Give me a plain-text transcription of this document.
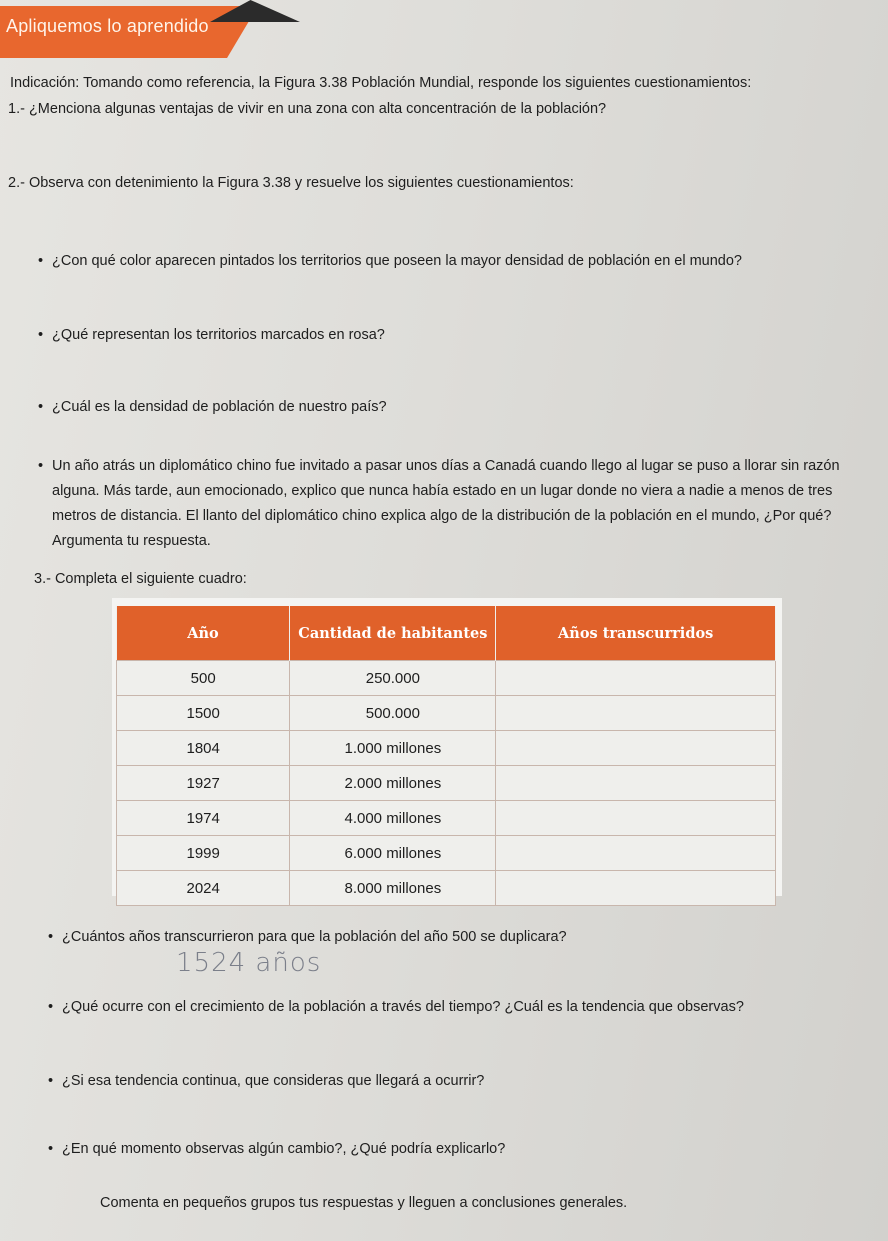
Apliquemos lo aprendido
Indicación: Tomando como referencia, la Figura 3.38 Población Mundial, responde los siguientes cuestionamientos:
1.- ¿Menciona algunas ventajas de vivir en una zona con alta concentración de la población?
2.- Observa con detenimiento la Figura 3.38 y resuelve los siguientes cuestionamientos:
• ¿Con qué color aparecen pintados los territorios que poseen la mayor densidad de población en el mundo?
• ¿Qué representan los territorios marcados en rosa?
• ¿Cuál es la densidad de población de nuestro país?
• Un año atrás un diplomático chino fue invitado a pasar unos días a Canadá cuando llego al lugar se puso a llorar sin razón alguna. Más tarde, aun emocionado, explico que nunca había estado en un lugar donde no viera a nadie a menos de tres metros de distancia. El llanto del diplomático chino explica algo de la distribución de la población en el mundo, ¿Por qué? Argumenta tu respuesta.
3.- Completa el siguiente cuadro:
Año	Cantidad de habitantes	Años transcurridos
500	250.000	
1500	500.000	
1804	1.000 millones	
1927	2.000 millones	
1974	4.000 millones	
1999	6.000 millones	
2024	8.000 millones	
• ¿Cuántos años transcurrieron para que la población del año 500 se duplicara?
1524 años
• ¿Qué ocurre con el crecimiento de la población a través del tiempo? ¿Cuál es la tendencia que observas?
• ¿Si esa tendencia continua, que consideras que llegará a ocurrir?
• ¿En qué momento observas algún cambio?, ¿Qué podría explicarlo?
Comenta en pequeños grupos tus respuestas y lleguen a conclusiones generales.
